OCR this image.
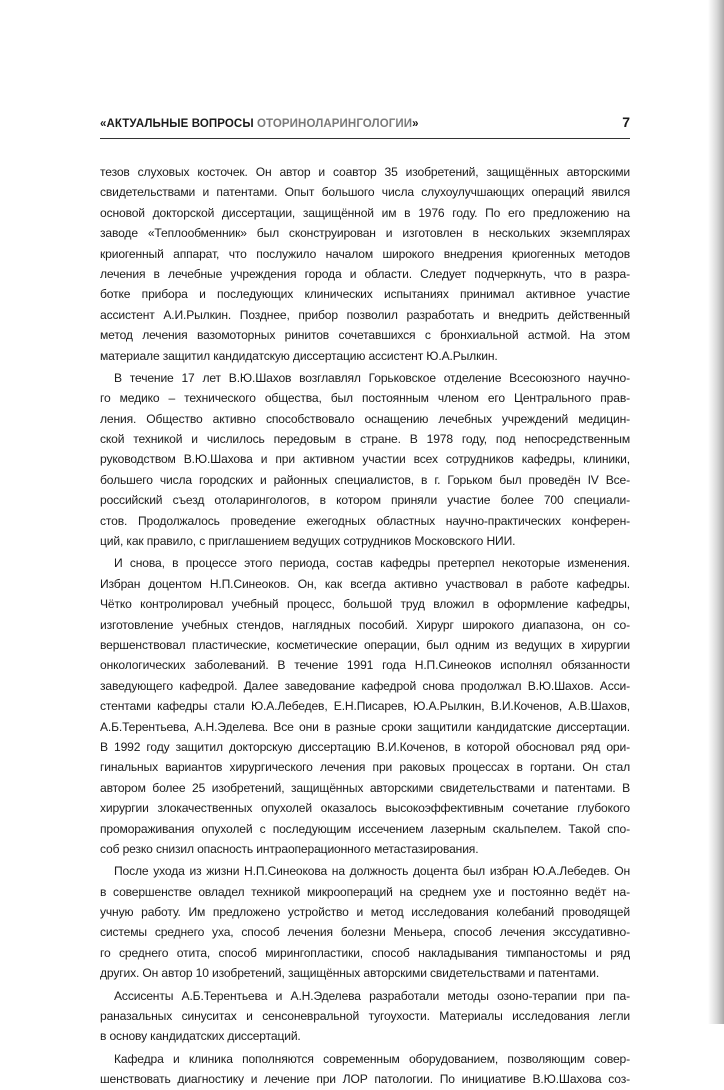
«АКТУАЛЬНЫЕ ВОПРОСЫ ОТОРИНОЛАРИНГОЛОГИИ»	7
тезов слуховых косточек. Он автор и соавтор 35 изобретений, защищённых авторскими
свидетельствами и патентами. Опыт большого числа слухоулучшающих операций явился
основой докторской диссертации, защищённой им в 1976 году. По его предложению на
заводе «Теплообменник» был сконструирован и изготовлен в нескольких экземплярах
криогенный аппарат, что послужило началом широкого внедрения криогенных методов
лечения в лечебные учреждения города и области. Следует подчеркнуть, что в разра-
ботке прибора и последующих клинических испытаниях принимал активное участие
ассистент А.И.Рылкин. Позднее, прибор позволил разработать и внедрить действенный
метод лечения вазомоторных ринитов сочетавшихся с бронхиальной астмой. На этом
материале защитил кандидатскую диссертацию ассистент Ю.А.Рылкин.
В течение 17 лет В.Ю.Шахов возглавлял Горьковское отделение Всесоюзного научно-
го медико – технического общества, был постоянным членом его Центрального прав-
ления. Общество активно способствовало оснащению лечебных учреждений медицин-
ской техникой и числилось передовым в стране. В 1978 году, под непосредственным
руководством В.Ю.Шахова и при активном участии всех сотрудников кафедры, клиники,
большего числа городских и районных специалистов, в г. Горьком был проведён IV Все-
российский съезд отоларингологов, в котором приняли участие более 700 специали-
стов. Продолжалось проведение ежегодных областных научно-практических конферен-
ций, как правило, с приглашением ведущих сотрудников Московского НИИ.
И снова, в процессе этого периода, состав кафедры претерпел некоторые изменения.
Избран доцентом Н.П.Синеоков. Он, как всегда активно участвовал в работе кафедры.
Чётко контролировал учебный процесс, большой труд вложил в оформление кафедры,
изготовление учебных стендов, наглядных пособий. Хирург широкого диапазона, он со-
вершенствовал пластические, косметические операции, был одним из ведущих в хирургии
онкологических заболеваний. В течение 1991 года Н.П.Синеоков исполнял обязанности
заведующего кафедрой. Далее заведование кафедрой снова продолжал В.Ю.Шахов. Асси-
стентами кафедры стали Ю.А.Лебедев, Е.Н.Писарев, Ю.А.Рылкин, В.И.Коченов, А.В.Шахов,
А.Б.Терентьева, А.Н.Эделева. Все они в разные сроки защитили кандидатские диссертации.
В 1992 году защитил докторскую диссертацию В.И.Коченов, в которой обосновал ряд ори-
гинальных вариантов хирургического лечения при раковых процессах в гортани. Он стал
автором более 25 изобретений, защищённых авторскими свидетельствами и патентами. В
хирургии злокачественных опухолей оказалось высокоэффективным сочетание глубокого
промораживания опухолей с последующим иссечением лазерным скальпелем. Такой спо-
соб резко снизил опасность интраоперационного метастазирования.
После ухода из жизни Н.П.Синеокова на должность доцента был избран Ю.А.Лебедев. Он
в совершенстве овладел техникой микроопераций на среднем ухе и постоянно ведёт на-
учную работу. Им предложено устройство и метод исследования колебаний проводящей
системы среднего уха, способ лечения болезни Меньера, способ лечения экссудативно-
го среднего отита, способ мирингопластики, способ накладывания тимпаностомы и ряд
других. Он автор 10 изобретений, защищённых авторскими свидетельствами и патентами.
Ассисенты А.Б.Терентьева и А.Н.Эделева разработали методы озоно-терапии при па-
раназальных синуситах и сенсоневральной тугоухости. Материалы исследования легли
в основу кандидатских диссертаций.
Кафедра и клиника пополняются современным оборудованием, позволяющим совер-
шенствовать диагностику и лечение при ЛОР патологии. По инициативе В.Ю.Шахова соз-
